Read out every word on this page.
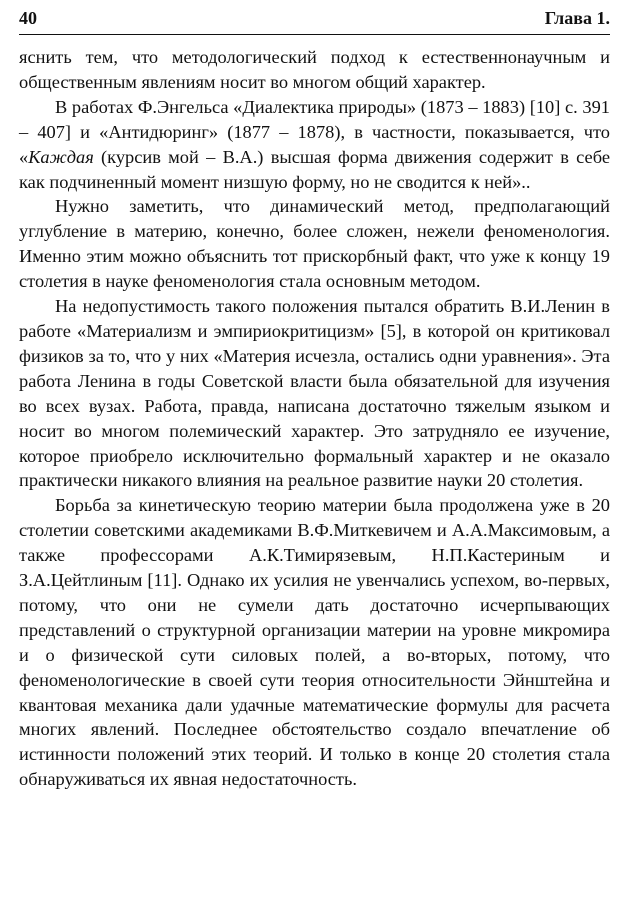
40	Глава 1.

яснить тем, что методологический подход к естественнонаучным и общественным явлениям носит во многом общий характер.

В работах Ф.Энгельса «Диалектика природы» (1873 – 1883) [10] с. 391 – 407] и «Антидюринг» (1877 – 1878), в частности, показывается, что «Каждая (курсив мой – В.А.) высшая форма движения содержит в себе как подчиненный момент низшую форму, но не сводится к ней»..

Нужно заметить, что динамический метод, предполагающий углубление в материю, конечно, более сложен, нежели феноменология. Именно этим можно объяснить тот прискорбный факт, что уже к концу 19 столетия в науке феноменология стала основным методом.

На недопустимость такого положения пытался обратить В.И.Ленин в работе «Материализм и эмпириокритицизм» [5], в которой он критиковал физиков за то, что у них «Материя исчезла, остались одни уравнения». Эта работа Ленина в годы Советской власти была обязательной для изучения во всех вузах. Работа, правда, написана достаточно тяжелым языком и носит во многом полемический характер. Это затрудняло ее изучение, которое приобрело исключительно формальный характер и не оказало практически никакого влияния на реальное развитие науки 20 столетия.

Борьба за кинетическую теорию материи была продолжена уже в 20 столетии советскими академиками В.Ф.Миткевичем и А.А.Максимовым, а также профессорами А.К.Тимирязевым, Н.П.Кастериным и З.А.Цейтлиным [11]. Однако их усилия не увенчались успехом, во-первых, потому, что они не сумели дать достаточно исчерпывающих представлений о структурной организации материи на уровне микромира и о физической сути силовых полей, а во-вторых, потому, что феноменологические в своей сути теория относительности Эйнштейна и квантовая механика дали удачные математические формулы для расчета многих явлений. Последнее обстоятельство создало впечатление об истинности положений этих теорий. И только в конце 20 столетия стала обнаруживаться их явная недостаточность.
